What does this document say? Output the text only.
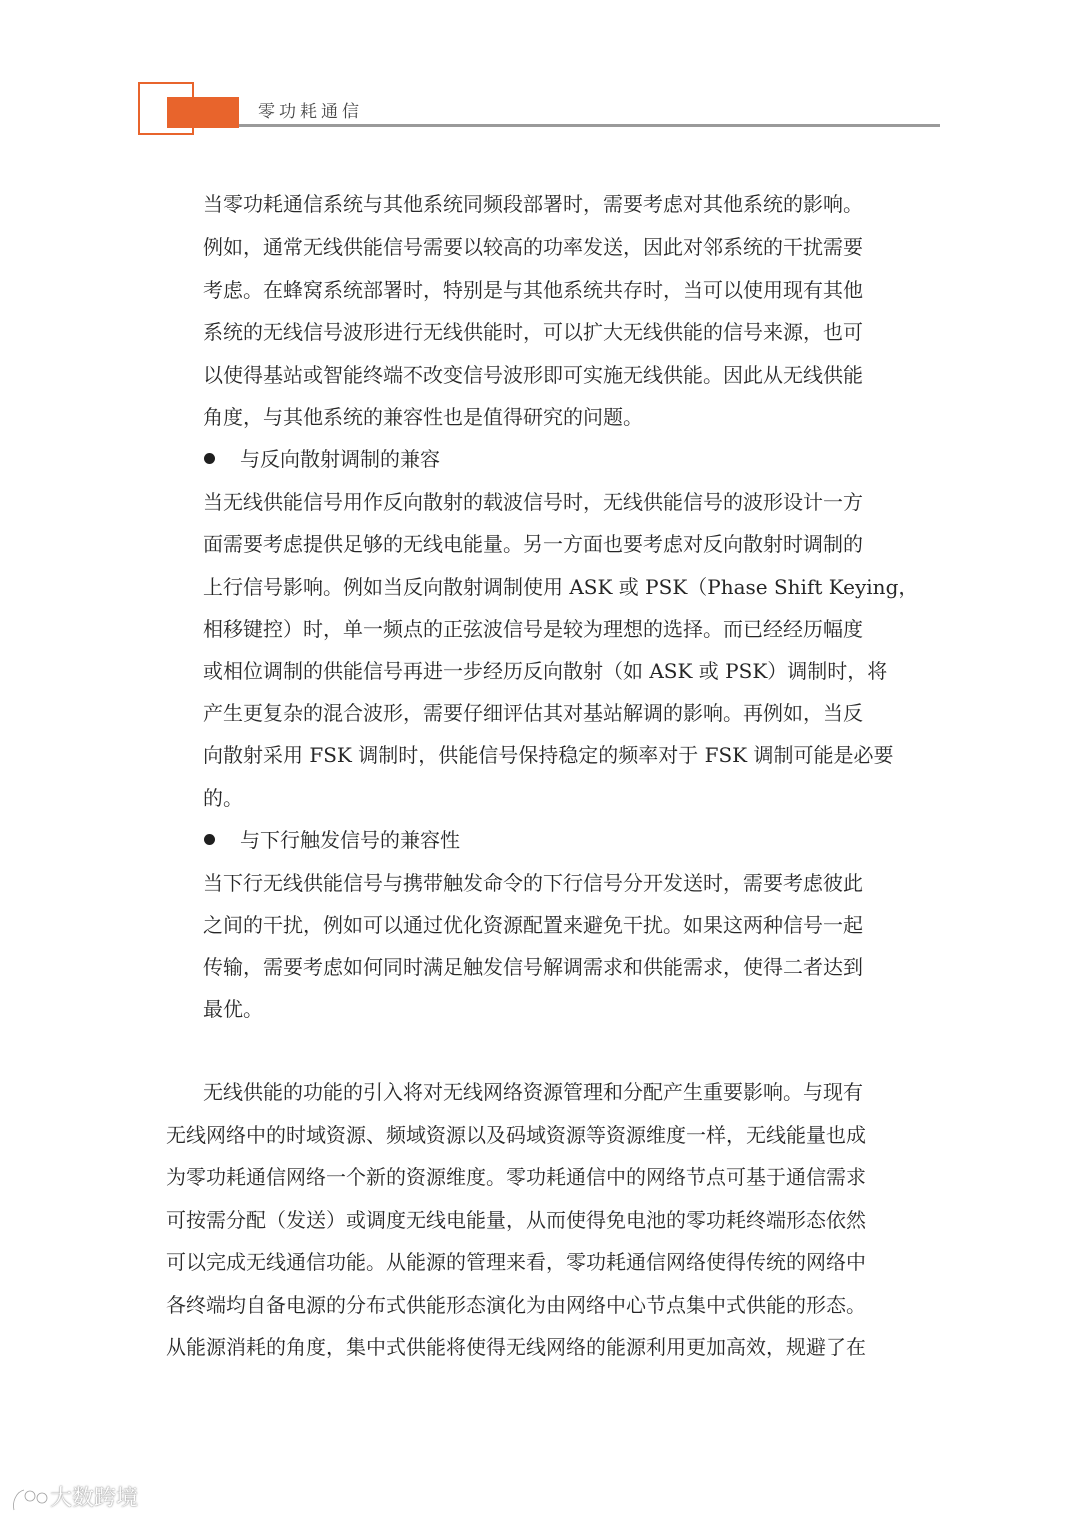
零功耗通信
当零功耗通信系统与其他系统同频段部署时，需要考虑对其他系统的影响。
例如，通常无线供能信号需要以较高的功率发送，因此对邻系统的干扰需要
考虑。在蜂窝系统部署时，特别是与其他系统共存时，当可以使用现有其他
系统的无线信号波形进行无线供能时，可以扩大无线供能的信号来源，也可
以使得基站或智能终端不改变信号波形即可实施无线供能。因此从无线供能
角度，与其他系统的兼容性也是值得研究的问题。
与反向散射调制的兼容
当无线供能信号用作反向散射的载波信号时，无线供能信号的波形设计一方
面需要考虑提供足够的无线电能量。另一方面也要考虑对反向散射时调制的
上行信号影响。例如当反向散射调制使用 ASK 或 PSK（Phase Shift Keying，
相移键控）时，单一频点的正弦波信号是较为理想的选择。而已经经历幅度
或相位调制的供能信号再进一步经历反向散射（如 ASK 或 PSK）调制时，将
产生更复杂的混合波形，需要仔细评估其对基站解调的影响。再例如，当反
向散射采用 FSK 调制时，供能信号保持稳定的频率对于 FSK 调制可能是必要
的。
与下行触发信号的兼容性
当下行无线供能信号与携带触发命令的下行信号分开发送时，需要考虑彼此
之间的干扰，例如可以通过优化资源配置来避免干扰。如果这两种信号一起
传输，需要考虑如何同时满足触发信号解调需求和供能需求，使得二者达到
最优。
无线供能的功能的引入将对无线网络资源管理和分配产生重要影响。与现有
无线网络中的时域资源、频域资源以及码域资源等资源维度一样，无线能量也成
为零功耗通信网络一个新的资源维度。零功耗通信中的网络节点可基于通信需求
可按需分配（发送）或调度无线电能量，从而使得免电池的零功耗终端形态依然
可以完成无线通信功能。从能源的管理来看，零功耗通信网络使得传统的网络中
各终端均自备电源的分布式供能形态演化为由网络中心节点集中式供能的形态。
从能源消耗的角度，集中式供能将使得无线网络的能源利用更加高效，规避了在
大数跨境
